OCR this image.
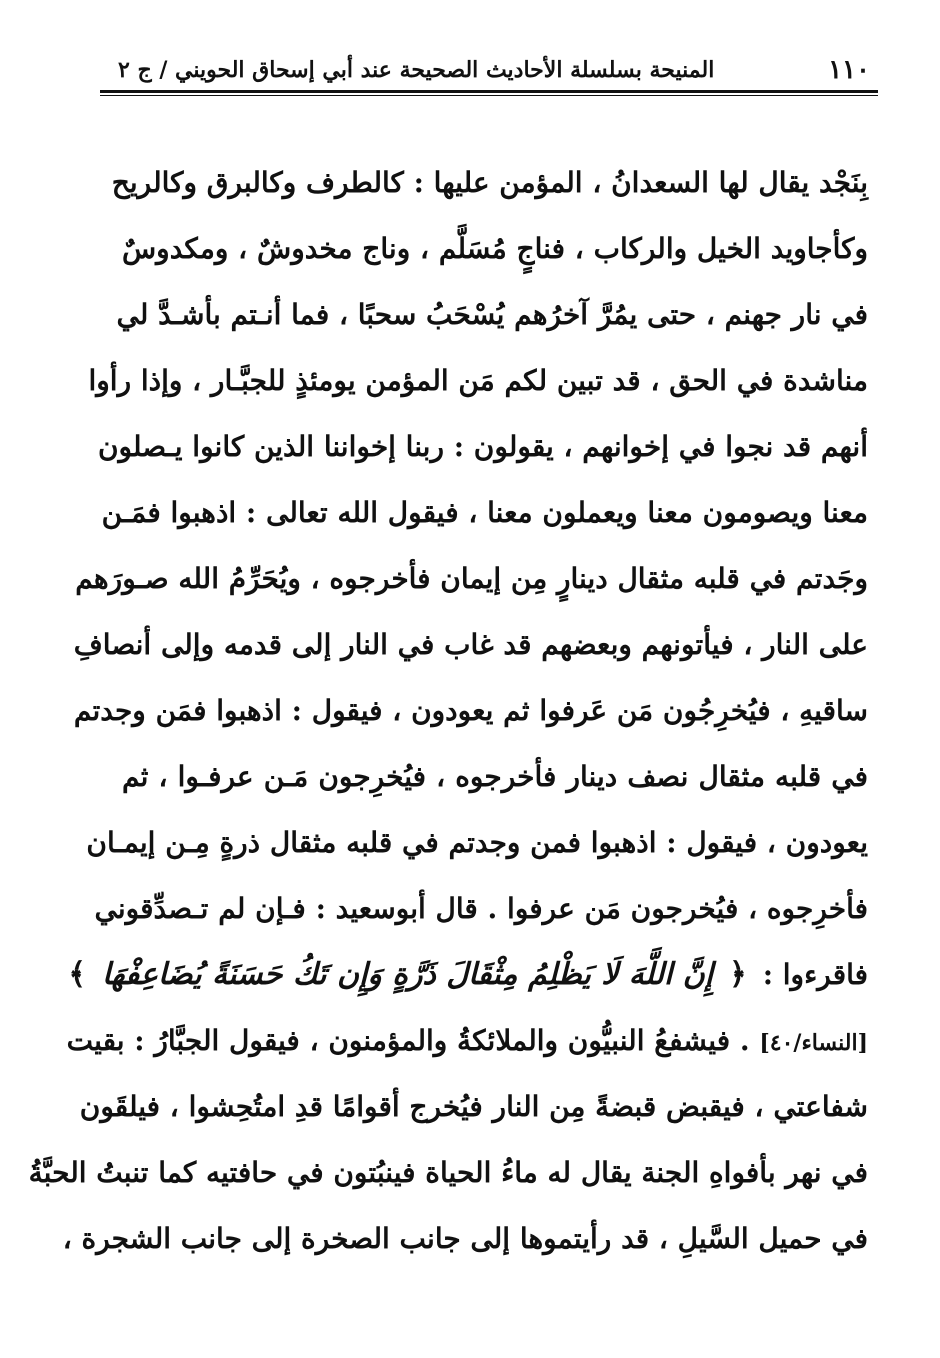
١١٠
المنيحة بسلسلة الأحاديث الصحيحة عند أبي إسحاق الحويني / ج ٢
بِنَجْد يقال لها السعدانُ ، المؤمن عليها : كالطرف وكالبرق وكالريح
وكأجاويد الخيل والركاب ، فناجٍ مُسَلَّم ، وناج مخدوشٌ ، ومكدوسٌ
في نار جهنم ، حتى يمُرَّ آخرُهم يُسْحَبُ سحبًا ، فما أنـتم بأشـدَّ لي
مناشدة في الحق ، قد تبين لكم مَن المؤمن يومئذٍ للجبَّـار ، وإذا رأوا
أنهم قد نجوا في إخوانهم ، يقولون : ربنا إخواننا الذين كانوا يـصلون
معنا ويصومون معنا ويعملون معنا ، فيقول الله تعالى : اذهبوا فمَـن
وجَدتم في قلبه مثقال دينارٍ مِن إيمان فأخرجوه ، ويُحَرِّمُ الله صـورَهم
على النار ، فيأتونهم وبعضهم قد غاب في النار إلى قدمه وإلى أنصافِ
ساقيهِ ، فيُخرِجُون مَن عَرفوا ثم يعودون ، فيقول : اذهبوا فمَن وجدتم
في قلبه مثقال نصف دينار فأخرجوه ، فيُخرِجون مَـن عرفـوا ، ثم
يعودون ، فيقول : اذهبوا فمن وجدتم في قلبه مثقال ذرةٍ مِـن إيمـان
فأخرِجوه ، فيُخرجون مَن عرفوا . قال أبوسعيد : فـإن لم تـصدِّقوني
فاقرءوا :
﴿
إِنَّ اللَّهَ لَا يَظْلِمُ مِثْقَالَ ذَرَّةٍ وَإِن تَكُ حَسَنَةً يُضَاعِفْهَا
﴾
[النساء/٤٠] . فيشفعُ النبيُّون والملائكةُ والمؤمنون ، فيقول الجبَّارُ : بقيت
شفاعتي ، فيقبض قبضةً مِن النار فيُخرج أقوامًا قدِ امتُحِشوا ، فيلقَون
في نهر بأفواهِ الجنة يقال له ماءُ الحياة فينبُتون في حافتيه كما تنبتُ الحبَّةُ
في حميل السَّيلِ ، قد رأيتموها إلى جانب الصخرة إلى جانب الشجرة ،
